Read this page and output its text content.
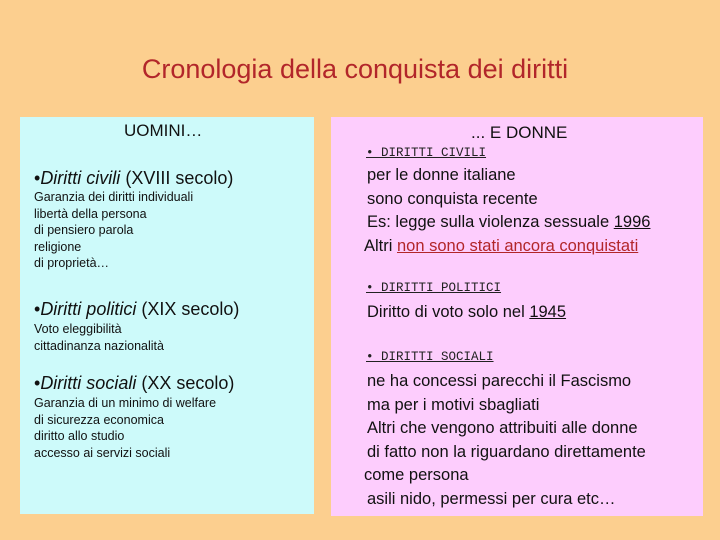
Cronologia della conquista dei diritti
UOMINI…	... E DONNE
•Diritti civili (XVIII secolo)
Garanzia dei diritti individuali
libertà della persona
di pensiero parola
religione
di proprietà…
•Diritti politici (XIX secolo)
Voto eleggibilità
cittadinanza nazionalità
•Diritti sociali (XX secolo)
Garanzia di un minimo di welfare
di sicurezza economica
diritto allo studio
accesso ai servizi sociali
• DIRITTI CIVILI
per le donne italiane
sono conquista recente
Es: legge sulla violenza sessuale 1996
Altri non sono stati ancora conquistati
• DIRITTI POLITICI
Diritto di voto solo nel 1945
• DIRITTI SOCIALI
ne ha concessi parecchi il Fascismo
ma per i motivi sbagliati
Altri che vengono attribuiti alle donne
di fatto non la riguardano direttamente
come persona
asili nido, permessi per cura etc…
